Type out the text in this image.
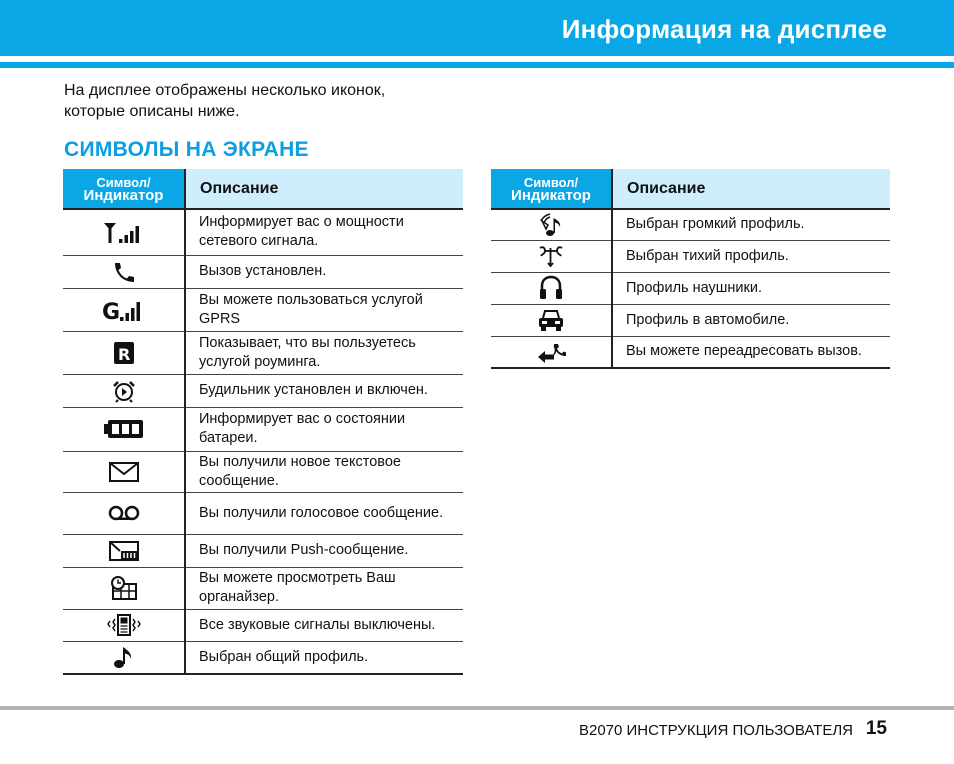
Информация на дисплее
На дисплее отображены несколько иконок,
которые описаны ниже.
СИМВОЛЫ НА ЭКРАНЕ
Символ/
Индикатор	Описание
	Информирует вас о мощности сетевого сигнала.
	Вызов установлен.

G	Вы можете пользоваться услугой GPRS

R	Показывает, что вы пользуетесь услугой роуминга.
	Будильник установлен и включен.
	Информирует вас о состоянии батареи.
	Вы получили новое текстовое сообщение.
	Вы получили голосовое сообщение.
	Вы получили Push-сообщение.
	Вы можете просмотреть Ваш органайзер.
	Все звуковые сигналы выключены.
	Выбран общий профиль.
Символ/
Индикатор	Описание
	Выбран громкий профиль.
	Выбран тихий профиль.
	Профиль наушники.
	Профиль в автомобиле.
	Вы можете переадресовать вызов.
B2070 ИНСТРУКЦИЯ ПОЛЬЗОВАТЕЛЯ 15
